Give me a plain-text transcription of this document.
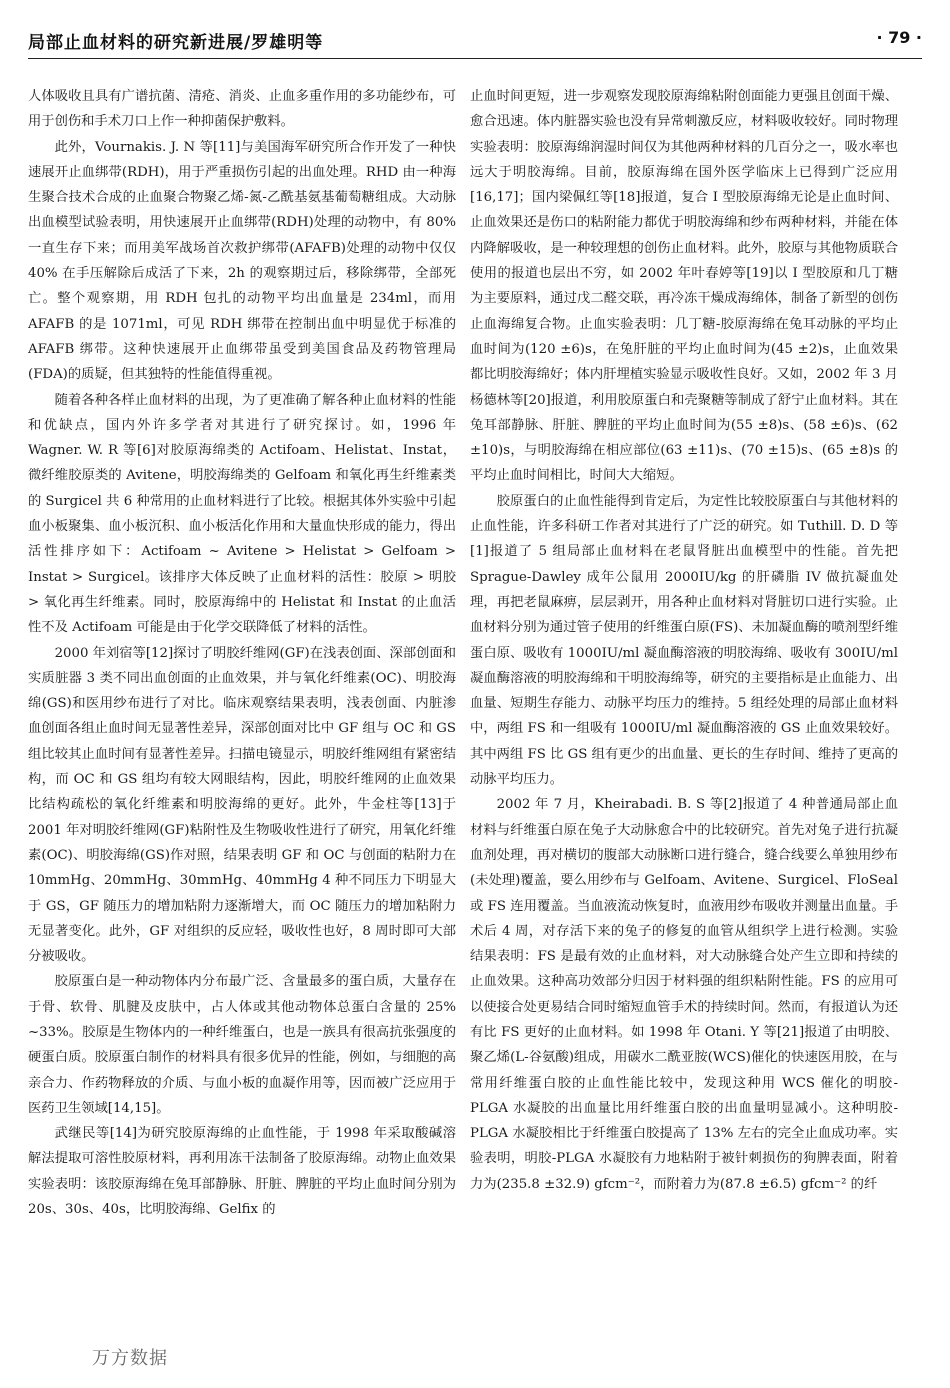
局部止血材料的研究新进展/罗雄明等	· 79 ·

人体吸收且具有广谱抗菌、清疮、消炎、止血多重作用的多功能纱布，可用于创伤和手术刀口上作一种抑菌保护敷料。

此外，Vournakis. J. N 等[11]与美国海军研究所合作开发了一种快速展开止血绑带(RDH)，用于严重损伤引起的出血处理。RHD 由一种海生聚合技术合成的止血聚合物聚乙烯-氮-乙酰基氨基葡萄糖组成。大动脉出血模型试验表明，用快速展开止血绑带(RDH)处理的动物中，有 80% 一直生存下来；而用美军战场首次救护绑带(AFAFB)处理的动物中仅仅 40% 在手压解除后成活了下来，2h 的观察期过后，移除绑带，全部死亡。整个观察期，用 RDH 包扎的动物平均出血量是 234ml，而用 AFAFB 的是 1071ml，可见 RDH 绑带在控制出血中明显优于标准的 AFAFB 绑带。这种快速展开止血绑带虽受到美国食品及药物管理局(FDA)的质疑，但其独特的性能值得重视。

随着各种各样止血材料的出现，为了更准确了解各种止血材料的性能和优缺点，国内外许多学者对其进行了研究探讨。如，1996 年 Wagner. W. R 等[6]对胶原海绵类的 Actifoam、Helistat、Instat，微纤维胶原类的 Avitene，明胶海绵类的 Gelfoam 和氧化再生纤维素类的 Surgicel 共 6 种常用的止血材料进行了比较。根据其体外实验中引起血小板聚集、血小板沉积、血小板活化作用和大量血快形成的能力，得出活性排序如下：Actifoam ~ Avitene > Helistat > Gelfoam > Instat > Surgicel。该排序大体反映了止血材料的活性：胶原 > 明胶 > 氧化再生纤维素。同时，胶原海绵中的 Helistat 和 Instat 的止血活性不及 Actifoam 可能是由于化学交联降低了材料的活性。

2000 年刘宿等[12]探讨了明胶纤维网(GF)在浅表创面、深部创面和实质脏器 3 类不同出血创面的止血效果，并与氧化纤维素(OC)、明胶海绵(GS)和医用纱布进行了对比。临床观察结果表明，浅表创面、内脏渗血创面各组止血时间无显著性差异，深部创面对比中 GF 组与 OC 和 GS 组比较其止血时间有显著性差异。扫描电镜显示，明胶纤维网组有紧密结构，而 OC 和 GS 组均有较大网眼结构，因此，明胶纤维网的止血效果比结构疏松的氧化纤维素和明胶海绵的更好。此外，牛金柱等[13]于 2001 年对明胶纤维网(GF)粘附性及生物吸收性进行了研究，用氧化纤维素(OC)、明胶海绵(GS)作对照，结果表明 GF 和 OC 与创面的粘附力在 10mmHg、20mmHg、30mmHg、40mmHg 4 种不同压力下明显大于 GS，GF 随压力的增加粘附力逐渐增大，而 OC 随压力的增加粘附力无显著变化。此外，GF 对组织的反应轻，吸收性也好，8 周时即可大部分被吸收。

胶原蛋白是一种动物体内分布最广泛、含量最多的蛋白质，大量存在于骨、软骨、肌腱及皮肤中，占人体或其他动物体总蛋白含量的 25% ~33%。胶原是生物体内的一种纤维蛋白，也是一族具有很高抗张强度的硬蛋白质。胶原蛋白制作的材料具有很多优异的性能，例如，与细胞的高亲合力、作药物释放的介质、与血小板的血凝作用等，因而被广泛应用于医药卫生领域[14,15]。

武继民等[14]为研究胶原海绵的止血性能，于 1998 年采取酸碱溶解法提取可溶性胶原材料，再利用冻干法制备了胶原海绵。动物止血效果实验表明：该胶原海绵在兔耳部静脉、肝脏、脾脏的平均止血时间分别为 20s、30s、40s，比明胶海绵、Gelfix 的

止血时间更短，进一步观察发现胶原海绵粘附创面能力更强且创面干燥、愈合迅速。体内脏器实验也没有异常刺激反应，材料吸收较好。同时物理实验表明：胶原海绵润湿时间仅为其他两种材料的几百分之一，吸水率也远大于明胶海绵。目前，胶原海绵在国外医学临床上已得到广泛应用[16,17]；国内梁佩红等[18]报道，复合 I 型胶原海绵无论是止血时间、止血效果还是伤口的粘附能力都优于明胶海绵和纱布两种材料，并能在体内降解吸收，是一种较理想的创伤止血材料。此外，胶原与其他物质联合使用的报道也层出不穷，如 2002 年叶春婷等[19]以 I 型胶原和几丁糖为主要原料，通过戊二醛交联，再冷冻干燥成海绵体，制备了新型的创伤止血海绵复合物。止血实验表明：几丁糖-胶原海绵在兔耳动脉的平均止血时间为(120 ±6)s，在兔肝脏的平均止血时间为(45 ±2)s，止血效果都比明胶海绵好；体内肝埋植实验显示吸收性良好。又如，2002 年 3 月杨德林等[20]报道，利用胶原蛋白和壳聚糖等制成了舒宁止血材料。其在兔耳部静脉、肝脏、脾脏的平均止血时间为(55 ±8)s、(58 ±6)s、(62 ±10)s，与明胶海绵在相应部位(63 ±11)s、(70 ±15)s、(65 ±8)s 的平均止血时间相比，时间大大缩短。

胶原蛋白的止血性能得到肯定后，为定性比较胶原蛋白与其他材料的止血性能，许多科研工作者对其进行了广泛的研究。如 Tuthill. D. D 等[1]报道了 5 组局部止血材料在老鼠肾脏出血模型中的性能。首先把 Sprague-Dawley 成年公鼠用 2000IU/kg 的肝磷脂 IV 做抗凝血处理，再把老鼠麻痹，层层剥开，用各种止血材料对肾脏切口进行实验。止血材料分别为通过管子使用的纤维蛋白原(FS)、未加凝血酶的喷剂型纤维蛋白原、吸收有 1000IU/ml 凝血酶溶液的明胶海绵、吸收有 300IU/ml 凝血酶溶液的明胶海绵和干明胶海绵等，研究的主要指标是止血能力、出血量、短期生存能力、动脉平均压力的维持。5 组经处理的局部止血材料中，两组 FS 和一组吸有 1000IU/ml 凝血酶溶液的 GS 止血效果较好。其中两组 FS 比 GS 组有更少的出血量、更长的生存时间、维持了更高的动脉平均压力。

2002 年 7 月，Kheirabadi. B. S 等[2]报道了 4 种普通局部止血材料与纤维蛋白原在兔子大动脉愈合中的比较研究。首先对兔子进行抗凝血剂处理，再对横切的腹部大动脉断口进行缝合，缝合线要么单独用纱布(未处理)覆盖，要么用纱布与 Gelfoam、Avitene、Surgicel、FloSeal 或 FS 连用覆盖。当血液流动恢复时，血液用纱布吸收并测量出血量。手术后 4 周，对存活下来的兔子的修复的血管从组织学上进行检测。实验结果表明：FS 是最有效的止血材料，对大动脉缝合处产生立即和持续的止血效果。这种高功效部分归因于材料强的组织粘附性能。FS 的应用可以使接合处更易结合同时缩短血管手术的持续时间。然而，有报道认为还有比 FS 更好的止血材料。如 1998 年 Otani. Y 等[21]报道了由明胶、聚乙烯(L-谷氨酸)组成，用碳水二酰亚胺(WCS)催化的快速医用胶，在与常用纤维蛋白胶的止血性能比较中，发现这种用 WCS 催化的明胶-PLGA 水凝胶的出血量比用纤维蛋白胶的出血量明显减小。这种明胶-PLGA 水凝胶相比于纤维蛋白胶提高了 13% 左右的完全止血成功率。实验表明，明胶-PLGA 水凝胶有力地粘附于被针刺损伤的狗脾表面，附着力为(235.8 ±32.9) gfcm⁻²，而附着力为(87.8 ±6.5) gfcm⁻² 的纤

万方数据
